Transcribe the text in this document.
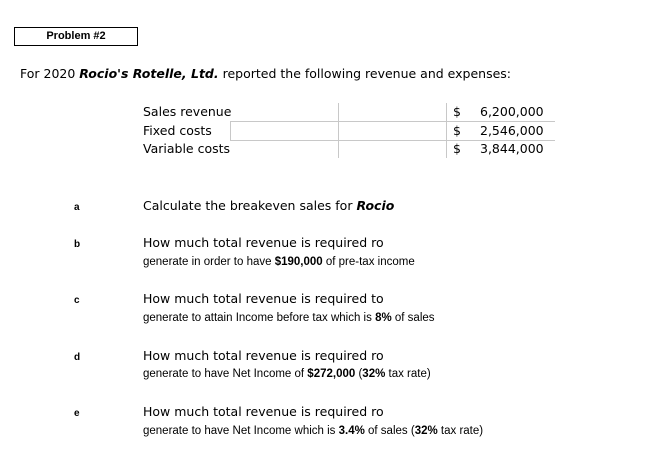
Problem #2
For 2020 Rocio's Rotelle, Ltd. reported the following revenue and expenses:
Sales revenue	$ 6,200,000
Fixed costs	$ 2,546,000
Variable costs	$ 3,844,000
a	Calculate the breakeven sales for Rocio
b	How much total revenue is required ro
generate in order to have $190,000 of pre-tax income
c	How much total revenue is required to
generate to attain Income before tax which is 8% of sales
d	How much total revenue is required ro
generate to have Net Income of $272,000 (32% tax rate)
e	How much total revenue is required ro
generate to have Net Income which is 3.4% of sales (32% tax rate)
